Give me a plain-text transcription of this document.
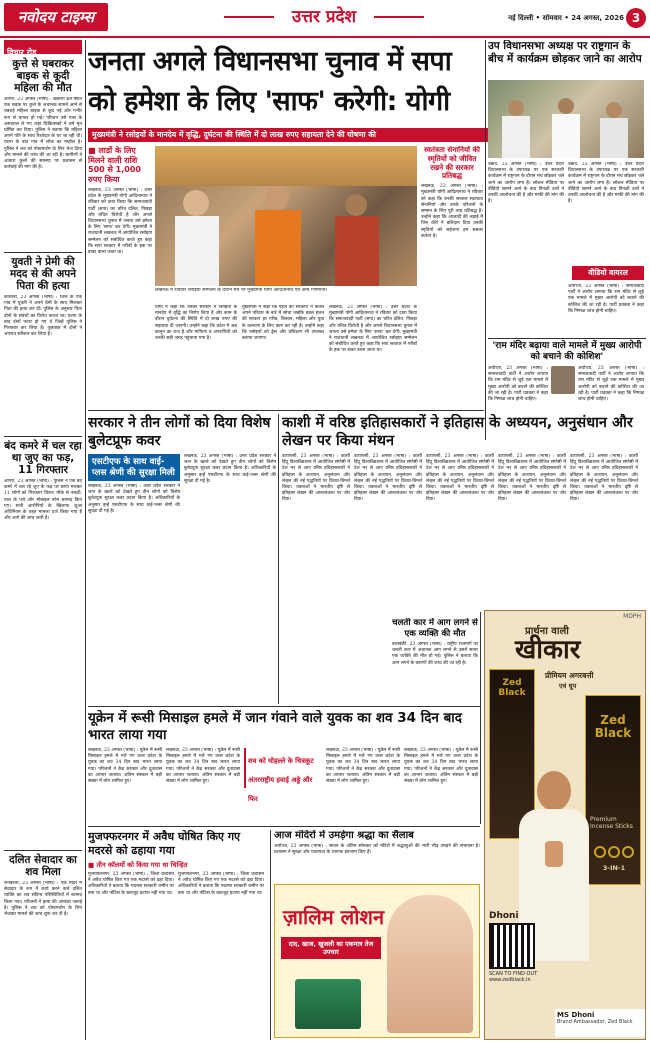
नवोदय टाइम्स	उत्तर प्रदेश	नई दिल्ली • सोमवार • 24 अगस्त, 2026 3
विचार रोड
कुत्ते से घबराकर बाइक से कूदी महिला की मौत
आगरा, 23 अगस्त (भाषा) : खंदौली क्षेत्र स्थित एक सड़क पर कुत्ते के अचानक सामने आने से घबराई महिला बाइक से कूद गई और गंभीर रूप से घायल हो गई। परिजन उसे पास के अस्पताल ले गए जहां चिकित्सकों ने उसे मृत घोषित कर दिया। पुलिस ने बताया कि महिला अपने पति के साथ रिश्तेदार के घर जा रही थी। घटना के बाद गांव में शोक का माहौल है। पुलिस ने शव को पोस्टमार्टम के लिए भेज दिया और मामले की जांच की जा रही है। ग्रामीणों ने आवारा कुत्तों की समस्या पर प्रशासन से कार्रवाई की मांग की है।
युवती ने प्रेमी की मदद से की अपने पिता की हत्या
कौशांबी, 23 अगस्त (भाषा) : जिले के एक गांव में युवती ने अपने प्रेमी के साथ मिलकर पिता की हत्या कर दी। पुलिस के अनुसार पिता दोनों के संबंधों का विरोध करता था। घटना के बाद दोनों फरार हो गए थे जिन्हें पुलिस ने गिरफ्तार कर लिया है। पूछताछ में दोनों ने अपराध स्वीकार कर लिया है।
बंद कमरे में चल रहा था जुए का फड़, 11 गिरफ्तार
आगरा, 23 अगस्त (भाषा) : पुलिस ने एक बंद कमरे में चल रहे जुए के फड़ पर छापा मारकर 11 लोगों को गिरफ्तार किया। मौके से नकदी, ताश के पत्ते और मोबाइल फोन बरामद किए गए। सभी आरोपियों के खिलाफ जुआ अधिनियम के तहत मामला दर्ज किया गया है और आगे की जांच जारी है।
दलित सेवादार का शव मिला
रायबरेली, 23 अगस्त (भाषा) : एक मंदिर में सेवादार के रूप में कार्य करने वाले दलित व्यक्ति का शव संदिग्ध परिस्थितियों में बरामद किया गया। परिजनों ने हत्या की आशंका जताई है। पुलिस ने शव को पोस्टमार्टम के लिए भेजकर मामले की जांच शुरू कर दी है।
जनता अगले विधानसभा चुनाव में सपा
को हमेशा के लिए 'साफ' करेगी: योगी
मुख्यमंत्री ने रसोइयों के मानदेय में वृद्धि, दुर्घटना की स्थिति में दो लाख रुपए सहायता देने की घोषणा की
■ लाडों के लिए मिलने वाली राशि 500 से 1,000 रुपए किया
लखनऊ, 23 अगस्त (भाषा) : उत्तर प्रदेश के मुख्यमंत्री योगी आदित्यनाथ ने रविवार को दावा किया कि समाजवादी पार्टी (सपा) का चरित्र दलित, पिछड़ा और वंचित विरोधी है और अगले विधानसभा चुनाव में जनता उसे हमेशा के लिए 'साफ' कर देगी। मुख्यमंत्री ने राजधानी लखनऊ में आयोजित रसोइया सम्मेलन को संबोधित करते हुए कहा कि सपा सरकार में गरीबों के हक पर डाका डाला जाता था।
लखनऊ में रविवार रसोइया सम्मेलन के दौरान मंच पर मुख्यमंत्री योगी आदित्यनाथ एवं अन्य गणमान्य।
योगी ने कहा कि उनकी सरकार ने रसोइयों के मानदेय में वृद्धि का निर्णय लिया है और काम के दौरान दुर्घटना की स्थिति में दो लाख रुपए की सहायता दी जाएगी। उन्होंने कहा कि प्रदेश में अब कानून का राज है और माफिया व अपराधियों को उनकी सही जगह पहुंचाया गया है।
मुख्यमंत्री ने कहा कि पहले की सरकारों ने केवल अपने परिवार के बारे में सोचा जबकि डबल इंजन की सरकार हर गरीब, किसान, महिला और युवा के कल्याण के लिए काम कर रही है। उन्होंने कहा कि रसोइयों को ड्रेस और प्रशिक्षण भी उपलब्ध कराया जाएगा।
लखनऊ, 23 अगस्त (भाषा) : उत्तर प्रदेश के मुख्यमंत्री योगी आदित्यनाथ ने रविवार को दावा किया कि समाजवादी पार्टी (सपा) का चरित्र दलित, पिछड़ा और वंचित विरोधी है और अगले विधानसभा चुनाव में जनता उसे हमेशा के लिए 'साफ' कर देगी। मुख्यमंत्री ने राजधानी लखनऊ में आयोजित रसोइया सम्मेलन को संबोधित करते हुए कहा कि सपा सरकार में गरीबों के हक पर डाका डाला जाता था।
स्वतंत्रता सेनानियों की स्मृतियों को जीवित रखने की सरकार प्रतिबद्ध
लखनऊ, 23 अगस्त (भाषा) : मुख्यमंत्री योगी आदित्यनाथ ने रविवार को कहा कि उनकी सरकार स्वतंत्रता सेनानियों और उनके परिजनों के सम्मान के लिए पूरी तरह प्रतिबद्ध है। उन्होंने कहा कि आजादी की लड़ाई में जिन वीरों ने बलिदान दिया उनकी स्मृतियों को सहेजना हम सबका कर्तव्य है।
उप विधानसभा अध्यक्ष पर राष्ट्रगान के बीच में कार्यक्रम छोड़कर जाने का आरोप
उन्नाव, 23 अगस्त (भाषा) : उत्तर प्रदेश विधानसभा के उपाध्यक्ष पर एक सरकारी कार्यक्रम में राष्ट्रगान के दौरान मंच छोड़कर चले जाने का आरोप लगा है। सोशल मीडिया पर वीडियो सामने आने के बाद विपक्षी दलों ने उनकी आलोचना की है और माफी की मांग की है।
उन्नाव, 23 अगस्त (भाषा) : उत्तर प्रदेश विधानसभा के उपाध्यक्ष पर एक सरकारी कार्यक्रम में राष्ट्रगान के दौरान मंच छोड़कर चले जाने का आरोप लगा है। सोशल मीडिया पर वीडियो सामने आने के बाद विपक्षी दलों ने उनकी आलोचना की है और माफी की मांग की है।
वीडियो वायरल
अयोध्या, 23 अगस्त (भाषा) : समाजवादी पार्टी ने आरोप लगाया कि राम मंदिर से जुड़े एक मामले में मुख्य आरोपी को बचाने की कोशिश की जा रही है। पार्टी प्रवक्ता ने कहा कि निष्पक्ष जांच होनी चाहिए।
'राम मंदिर बढ़ाया वाले मामले में मुख्य आरोपी को बचाने की कोशिश'
अयोध्या, 23 अगस्त (भाषा) : समाजवादी पार्टी ने आरोप लगाया कि राम मंदिर से जुड़े एक मामले में मुख्य आरोपी को बचाने की कोशिश की जा रही है। पार्टी प्रवक्ता ने कहा कि निष्पक्ष जांच होनी चाहिए।
अयोध्या, 23 अगस्त (भाषा) : समाजवादी पार्टी ने आरोप लगाया कि राम मंदिर से जुड़े एक मामले में मुख्य आरोपी को बचाने की कोशिश की जा रही है। पार्टी प्रवक्ता ने कहा कि निष्पक्ष जांच होनी चाहिए।
सरकार ने तीन लोगों को दिया विशेष बुलेटप्रूफ कवर
एसटीएफ के साथ वाई-प्लस श्रेणी की सुरक्षा मिली
लखनऊ, 23 अगस्त (भाषा) : उत्तर प्रदेश सरकार ने जान के खतरे को देखते हुए तीन लोगों को विशेष बुलेटप्रूफ सुरक्षा कवर प्रदान किया है। अधिकारियों के अनुसार इन्हें एसटीएफ के साथ वाई-प्लस श्रेणी की सुरक्षा दी गई है।
लखनऊ, 23 अगस्त (भाषा) : उत्तर प्रदेश सरकार ने जान के खतरे को देखते हुए तीन लोगों को विशेष बुलेटप्रूफ सुरक्षा कवर प्रदान किया है। अधिकारियों के अनुसार इन्हें एसटीएफ के साथ वाई-प्लस श्रेणी की सुरक्षा दी गई है।
काशी में वरिष्ठ इतिहासकारों ने इतिहास के अध्ययन, अनुसंधान और लेखन पर किया मंथन
वाराणसी, 23 अगस्त (भाषा) : काशी हिंदू विश्वविद्यालय में आयोजित संगोष्ठी में देश भर से आए वरिष्ठ इतिहासकारों ने इतिहास के अध्ययन, अनुसंधान और लेखन की नई पद्धतियों पर विचार-विमर्श किया। वक्ताओं ने भारतीय दृष्टि से इतिहास लेखन की आवश्यकता पर जोर दिया।
वाराणसी, 23 अगस्त (भाषा) : काशी हिंदू विश्वविद्यालय में आयोजित संगोष्ठी में देश भर से आए वरिष्ठ इतिहासकारों ने इतिहास के अध्ययन, अनुसंधान और लेखन की नई पद्धतियों पर विचार-विमर्श किया। वक्ताओं ने भारतीय दृष्टि से इतिहास लेखन की आवश्यकता पर जोर दिया।
वाराणसी, 23 अगस्त (भाषा) : काशी हिंदू विश्वविद्यालय में आयोजित संगोष्ठी में देश भर से आए वरिष्ठ इतिहासकारों ने इतिहास के अध्ययन, अनुसंधान और लेखन की नई पद्धतियों पर विचार-विमर्श किया। वक्ताओं ने भारतीय दृष्टि से इतिहास लेखन की आवश्यकता पर जोर दिया।
वाराणसी, 23 अगस्त (भाषा) : काशी हिंदू विश्वविद्यालय में आयोजित संगोष्ठी में देश भर से आए वरिष्ठ इतिहासकारों ने इतिहास के अध्ययन, अनुसंधान और लेखन की नई पद्धतियों पर विचार-विमर्श किया। वक्ताओं ने भारतीय दृष्टि से इतिहास लेखन की आवश्यकता पर जोर दिया।
वाराणसी, 23 अगस्त (भाषा) : काशी हिंदू विश्वविद्यालय में आयोजित संगोष्ठी में देश भर से आए वरिष्ठ इतिहासकारों ने इतिहास के अध्ययन, अनुसंधान और लेखन की नई पद्धतियों पर विचार-विमर्श किया। वक्ताओं ने भारतीय दृष्टि से इतिहास लेखन की आवश्यकता पर जोर दिया।
यूक्रेन में रूसी मिसाइल हमले में जान गंवाने वाले युवक का शव 34 दिन बाद भारत लाया गया
लखनऊ, 23 अगस्त (भाषा) : यूक्रेन में रूसी मिसाइल हमले में मारे गए उत्तर प्रदेश के युवक का शव 34 दिन बाद भारत लाया गया। परिजनों ने केंद्र सरकार और दूतावास का आभार जताया। अंतिम संस्कार में बड़ी संख्या में लोग शामिल हुए।
लखनऊ, 23 अगस्त (भाषा) : यूक्रेन में रूसी मिसाइल हमले में मारे गए उत्तर प्रदेश के युवक का शव 34 दिन बाद भारत लाया गया। परिजनों ने केंद्र सरकार और दूतावास का आभार जताया। अंतिम संस्कार में बड़ी संख्या में लोग शामिल हुए।
शव को मोहल्ले के चित्रकूट अंतरराष्ट्रीय हवाई अड्डे और फिर
लखनऊ, 23 अगस्त (भाषा) : यूक्रेन में रूसी मिसाइल हमले में मारे गए उत्तर प्रदेश के युवक का शव 34 दिन बाद भारत लाया गया। परिजनों ने केंद्र सरकार और दूतावास का आभार जताया। अंतिम संस्कार में बड़ी संख्या में लोग शामिल हुए।
लखनऊ, 23 अगस्त (भाषा) : यूक्रेन में रूसी मिसाइल हमले में मारे गए उत्तर प्रदेश के युवक का शव 34 दिन बाद भारत लाया गया। परिजनों ने केंद्र सरकार और दूतावास का आभार जताया। अंतिम संस्कार में बड़ी संख्या में लोग शामिल हुए।
चलती कार में आग लगने से एक व्यक्ति की मौत
बाराबंकी, 23 अगस्त (भाषा) : राष्ट्रीय राजमार्ग पर चलती कार में अचानक आग लगने से उसमें सवार एक व्यक्ति की मौत हो गई। पुलिस ने बताया कि आग लगने के कारणों की जांच की जा रही है।
मुजफ्फरनगर में अवैध घोषित किए गए मदरसे को ढहाया गया
■ तीन कॉलमों को किया गया था चिन्हित
मुजफ्फरनगर, 23 अगस्त (भाषा) : जिला प्रशासन ने अवैध घोषित किए गए एक मदरसे को ढहा दिया। अधिकारियों ने बताया कि मदरसा सरकारी जमीन पर बना था और नोटिस के बावजूद हटाया नहीं गया था।
मुजफ्फरनगर, 23 अगस्त (भाषा) : जिला प्रशासन ने अवैध घोषित किए गए एक मदरसे को ढहा दिया। अधिकारियों ने बताया कि मदरसा सरकारी जमीन पर बना था और नोटिस के बावजूद हटाया नहीं गया था।
आज मंदिरों में उमड़ेगा श्रद्धा का सैलाब
अयोध्या, 23 अगस्त (भाषा) : सावन के अंतिम सोमवार को मंदिरों में श्रद्धालुओं की भारी भीड़ उमड़ने की संभावना है। प्रशासन ने सुरक्षा और यातायात के व्यापक इंतजाम किए हैं।
ज़ालिम लोशन
दाद, खाज, खुजली का एकमात्र तेज उपचार
MDPH
प्रार्थना वाली
खीकार
प्रीमियम अगरबत्ती
एवं धूप
Zed Black
Zed Black
Premium Incense Sticks
3-IN-1
Dhoni
SCAN TO FIND OUT
www.zedblack.in
MS Dhoni
Brand Ambassador, Zed Black
